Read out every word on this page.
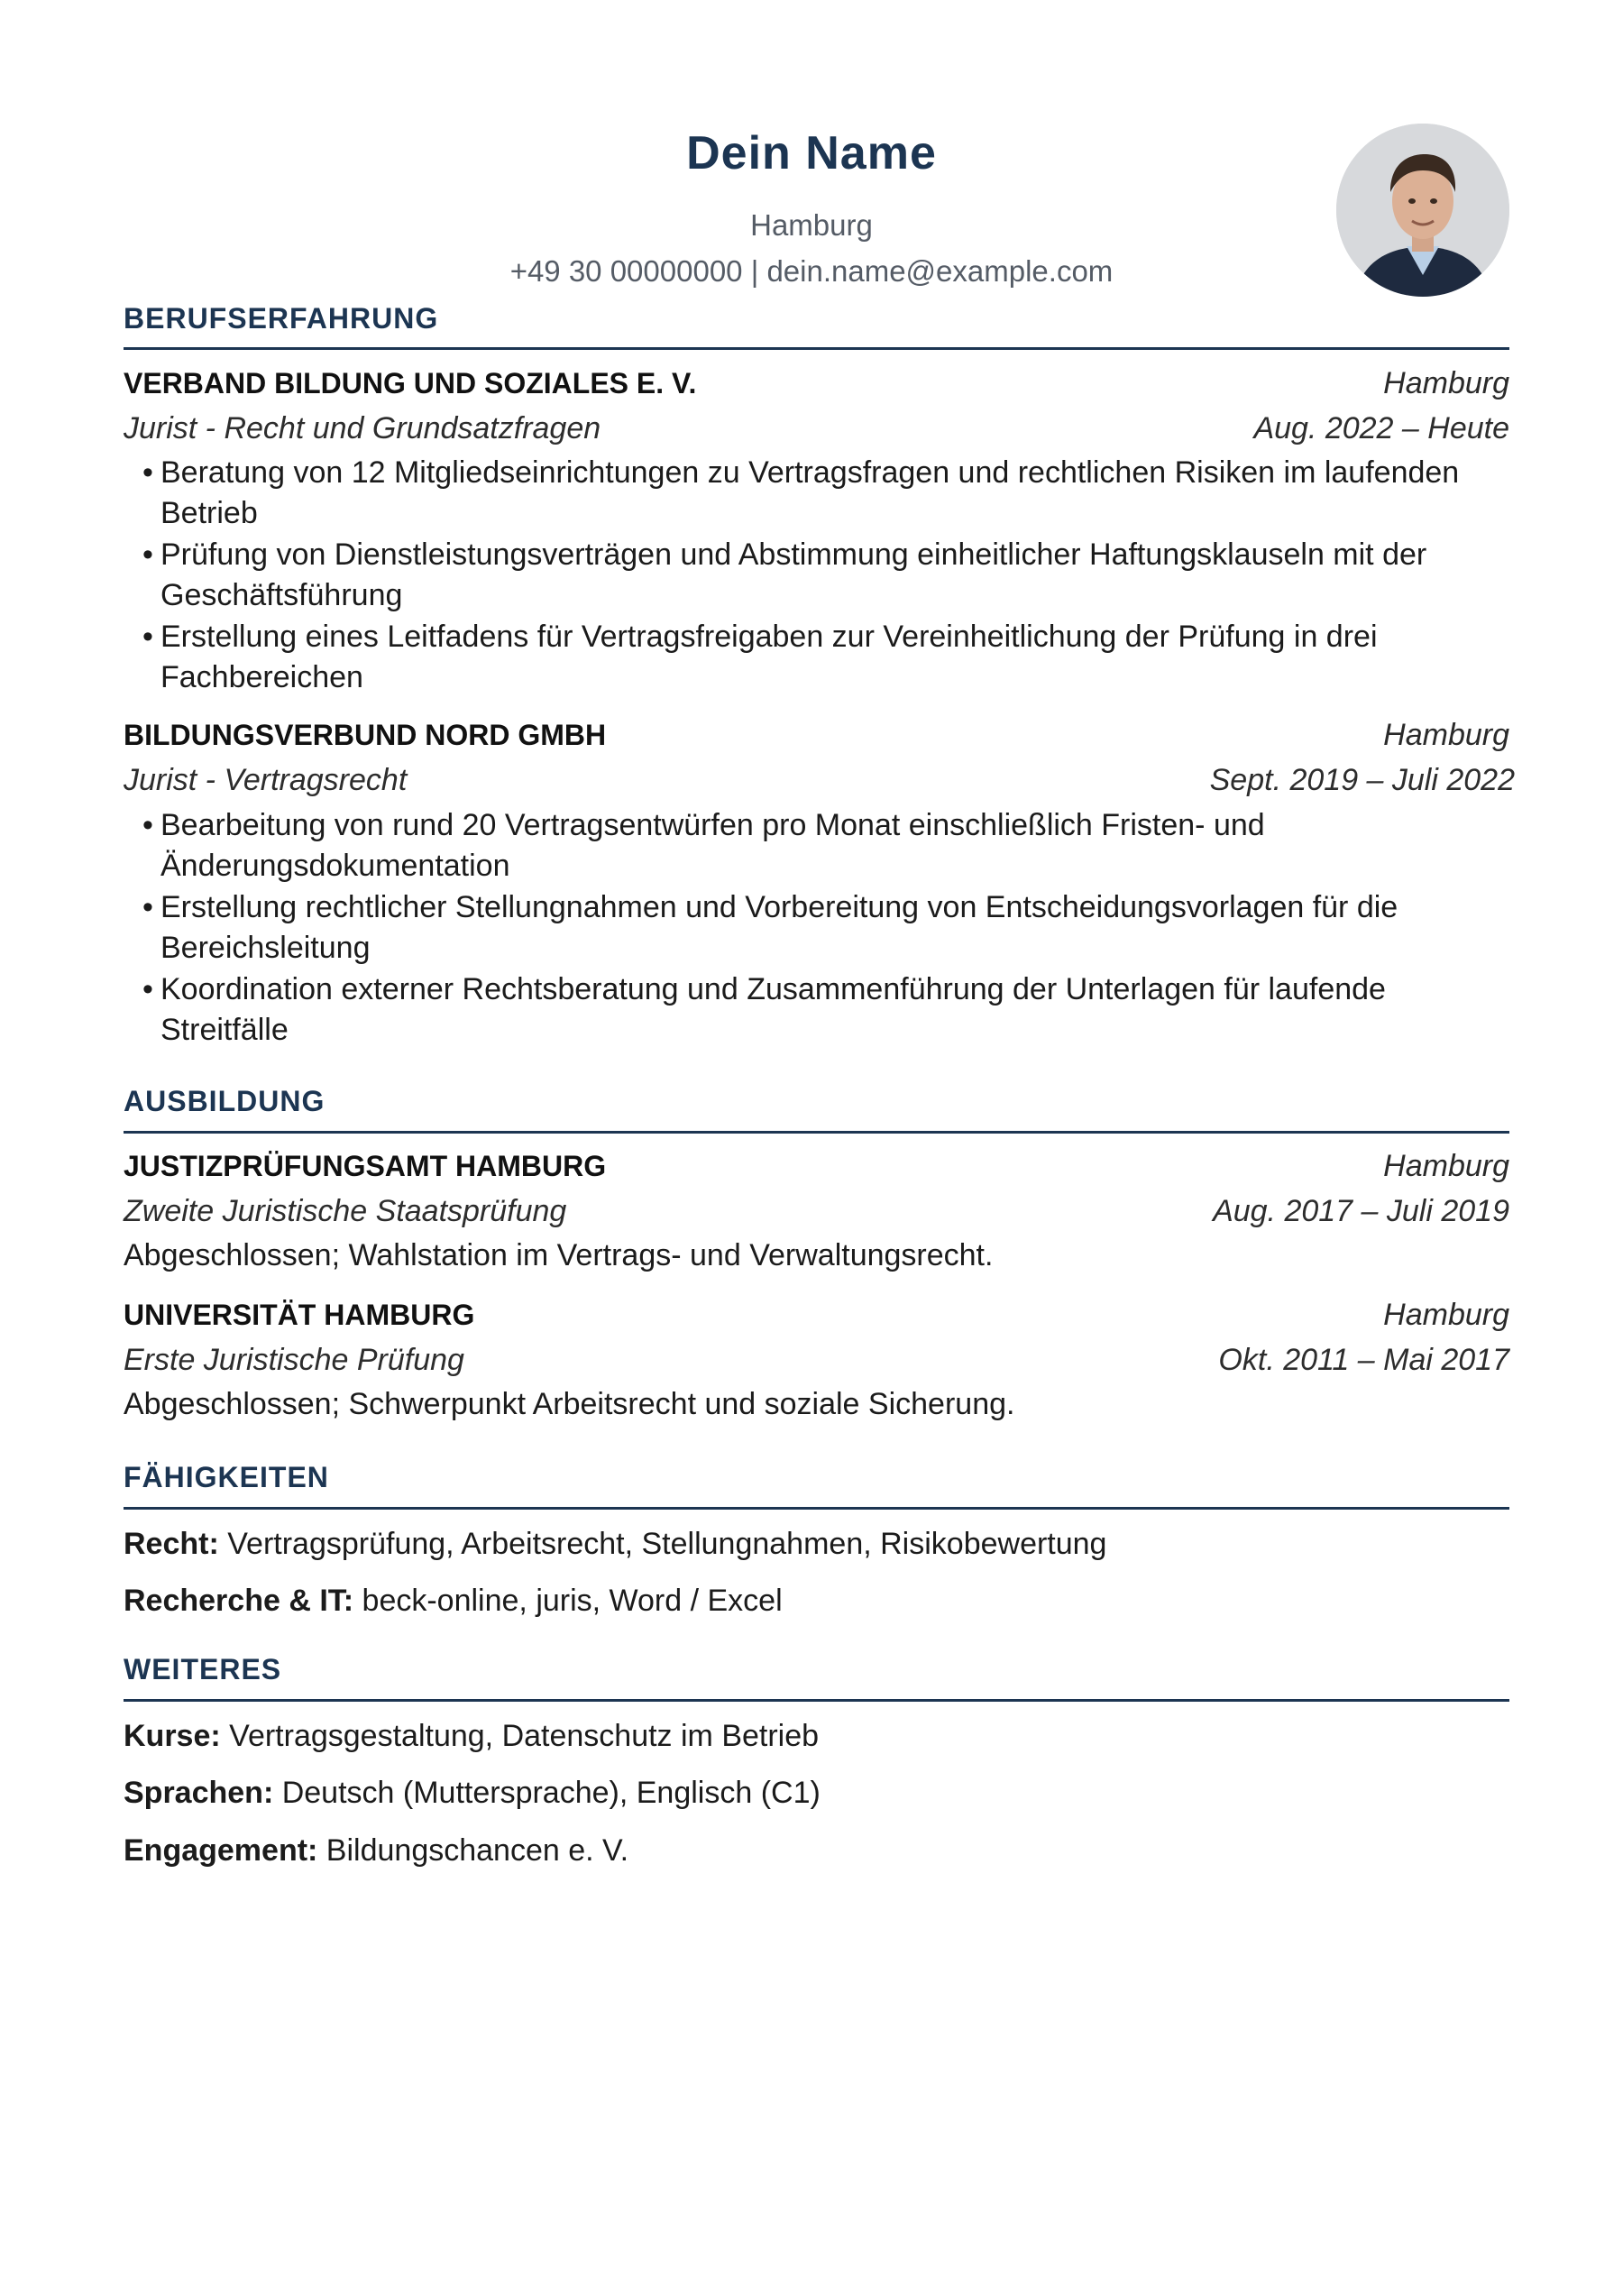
Dein Name
Hamburg
+49 30 00000000 | dein.name@example.com
BERUFSERFAHRUNG
VERBAND BILDUNG UND SOZIALES E. V.	Hamburg
Jurist - Recht und Grundsatzfragen	Aug. 2022 – Heute
• Beratung von 12 Mitgliedseinrichtungen zu Vertragsfragen und rechtlichen Risiken im laufenden Betrieb
• Prüfung von Dienstleistungsverträgen und Abstimmung einheitlicher Haftungsklauseln mit der Geschäftsführung
• Erstellung eines Leitfadens für Vertragsfreigaben zur Vereinheitlichung der Prüfung in drei Fachbereichen
BILDUNGSVERBUND NORD GMBH	Hamburg
Jurist - Vertragsrecht	Sept. 2019 – Juli 2022
• Bearbeitung von rund 20 Vertragsentwürfen pro Monat einschließlich Fristen- und Änderungsdokumentation
• Erstellung rechtlicher Stellungnahmen und Vorbereitung von Entscheidungsvorlagen für die Bereichsleitung
• Koordination externer Rechtsberatung und Zusammenführung der Unterlagen für laufende Streitfälle
AUSBILDUNG
JUSTIZPRÜFUNGSAMT HAMBURG	Hamburg
Zweite Juristische Staatsprüfung	Aug. 2017 – Juli 2019
Abgeschlossen; Wahlstation im Vertrags- und Verwaltungsrecht.
UNIVERSITÄT HAMBURG	Hamburg
Erste Juristische Prüfung	Okt. 2011 – Mai 2017
Abgeschlossen; Schwerpunkt Arbeitsrecht und soziale Sicherung.
FÄHIGKEITEN
Recht: Vertragsprüfung, Arbeitsrecht, Stellungnahmen, Risikobewertung
Recherche & IT: beck-online, juris, Word / Excel
WEITERES
Kurse: Vertragsgestaltung, Datenschutz im Betrieb
Sprachen: Deutsch (Muttersprache), Englisch (C1)
Engagement: Bildungschancen e. V.
